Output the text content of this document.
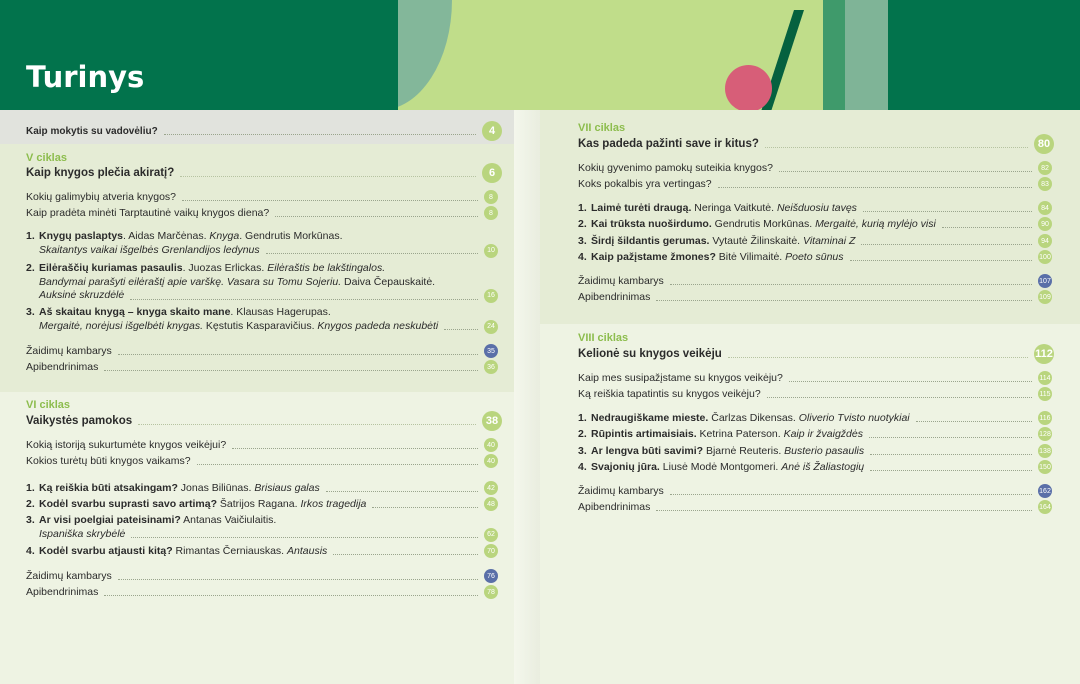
Turinys
Kaip mokytis su vadovėliu?	4
V ciklas
Kaip knygos plečia akiratį?	6
Kokių galimybių atveria knygos?	8
Kaip pradėta minėti Tarptautinė vaikų knygos diena?	8
1. Knygų paslaptys. Aidas Marčėnas. Knyga. Gendrutis Morkūnas.
Skaitantys vaikai išgelbės Grenlandijos ledynus	10
2. Eilėraščių kuriamas pasaulis. Juozas Erlickas. Eilėraštis be lakštingalos.
Bandymai parašyti eilėraštį apie varškę. Vasara su Tomu Sojeriu. Daiva Čepauskaitė.
Auksinė skruzdėlė	16
3. Aš skaitau knygą – knyga skaito mane. Klausas Hagerupas.
Mergaitė, norėjusi išgelbėti knygas. Kęstutis Kasparavičius. Knygos padeda neskubėti	24
Žaidimų kambarys	35
Apibendrinimas	36
VI ciklas
Vaikystės pamokos	38
Kokią istoriją sukurtumėte knygos veikėjui?	40
Kokios turėtų būti knygos vaikams?	40
1. Ką reiškia būti atsakingam? Jonas Biliūnas. Brisiaus galas	42
2. Kodėl svarbu suprasti savo artimą? Šatrijos Ragana. Irkos tragedija	48
3. Ar visi poelgiai pateisinami? Antanas Vaičiulaitis.
Ispaniška skrybėlė	62
4. Kodėl svarbu atjausti kitą? Rimantas Černiauskas. Antausis	70
Žaidimų kambarys	76
Apibendrinimas	78
VII ciklas
Kas padeda pažinti save ir kitus?	80
Kokių gyvenimo pamokų suteikia knygos?	82
Koks pokalbis yra vertingas?	83
1. Laimė turėti draugą. Neringa Vaitkutė. Neišduosiu tavęs	84
2. Kai trūksta nuoširdumo. Gendrutis Morkūnas. Mergaitė, kurią mylėjo visi	90
3. Širdį šildantis gerumas. Vytautė Žilinskaitė. Vitaminai Z	94
4. Kaip pažįstame žmones? Bitė Vilimaitė. Poeto sūnus	100
Žaidimų kambarys	107
Apibendrinimas	109
VIII ciklas
Kelionė su knygos veikėju	112
Kaip mes susipažįstame su knygos veikėju?	114
Ką reiškia tapatintis su knygos veikėju?	115
1. Nedraugiškame mieste. Čarlzas Dikensas. Oliverio Tvisto nuotykiai	116
2. Rūpintis artimaisiais. Ketrina Paterson. Kaip ir žvaigždės	128
3. Ar lengva būti savimi? Bjarnė Reuteris. Busterio pasaulis	138
4. Svajonių jūra. Liusė Modė Montgomeri. Anė iš Žaliastogių	150
Žaidimų kambarys	162
Apibendrinimas	164
